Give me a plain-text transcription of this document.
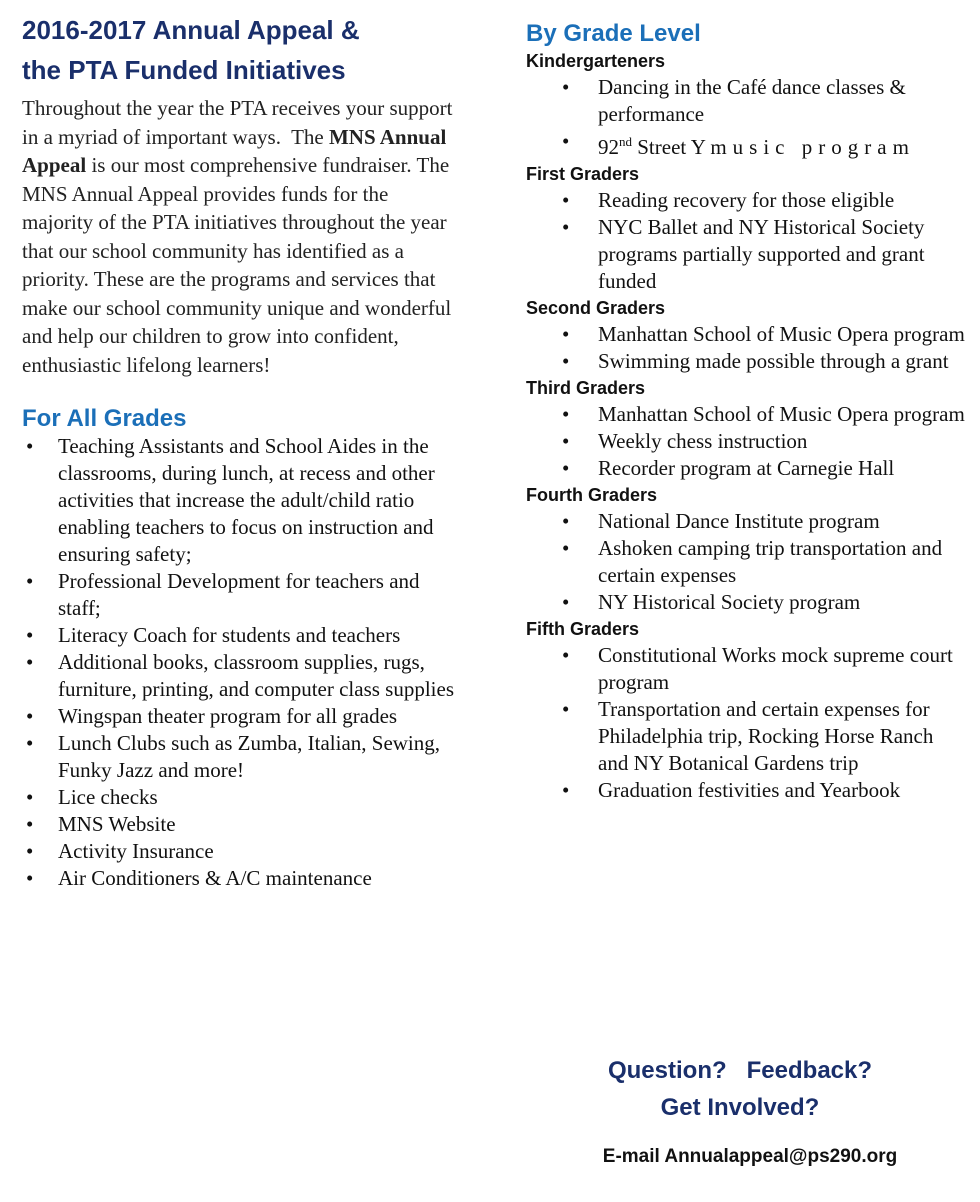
2016-2017 Annual Appeal &
the PTA Funded Initiatives

Throughout the year the PTA receives your support in a myriad of important ways. The MNS Annual Appeal is our most comprehensive fundraiser. The MNS Annual Appeal provides funds for the majority of the PTA initiatives throughout the year that our school community has identified as a priority. These are the programs and services that make our school community unique and wonderful and help our children to grow into confident, enthusiastic lifelong learners!

For All Grades
• Teaching Assistants and School Aides in the classrooms, during lunch, at recess and other activities that increase the adult/child ratio enabling teachers to focus on instruction and ensuring safety;
• Professional Development for teachers and staff;
• Literacy Coach for students and teachers
• Additional books, classroom supplies, rugs, furniture, printing, and computer class supplies
• Wingspan theater program for all grades
• Lunch Clubs such as Zumba, Italian, Sewing, Funky Jazz and more!
• Lice checks
• MNS Website
• Activity Insurance
• Air Conditioners & A/C maintenance
By Grade Level

Kindergarteners

• Dancing in the Café dance classes & performance
• 92nd Street Y music program

First Graders

• Reading recovery for those eligible
• NYC Ballet and NY Historical Society programs partially supported and grant funded

Second Graders

• Manhattan School of Music Opera program
• Swimming made possible through a grant

Third Graders

• Manhattan School of Music Opera program
• Weekly chess instruction
• Recorder program at Carnegie Hall

Fourth Graders

• National Dance Institute program
• Ashoken camping trip transportation and certain expenses
• NY Historical Society program

Fifth Graders

• Constitutional Works mock supreme court program
• Transportation and certain expenses for Philadelphia trip, Rocking Horse Ranch and NY Botanical Gardens trip
• Graduation festivities and Yearbook
Question?   Feedback?
Get Involved?
E-mail Annualappeal@ps290.org
